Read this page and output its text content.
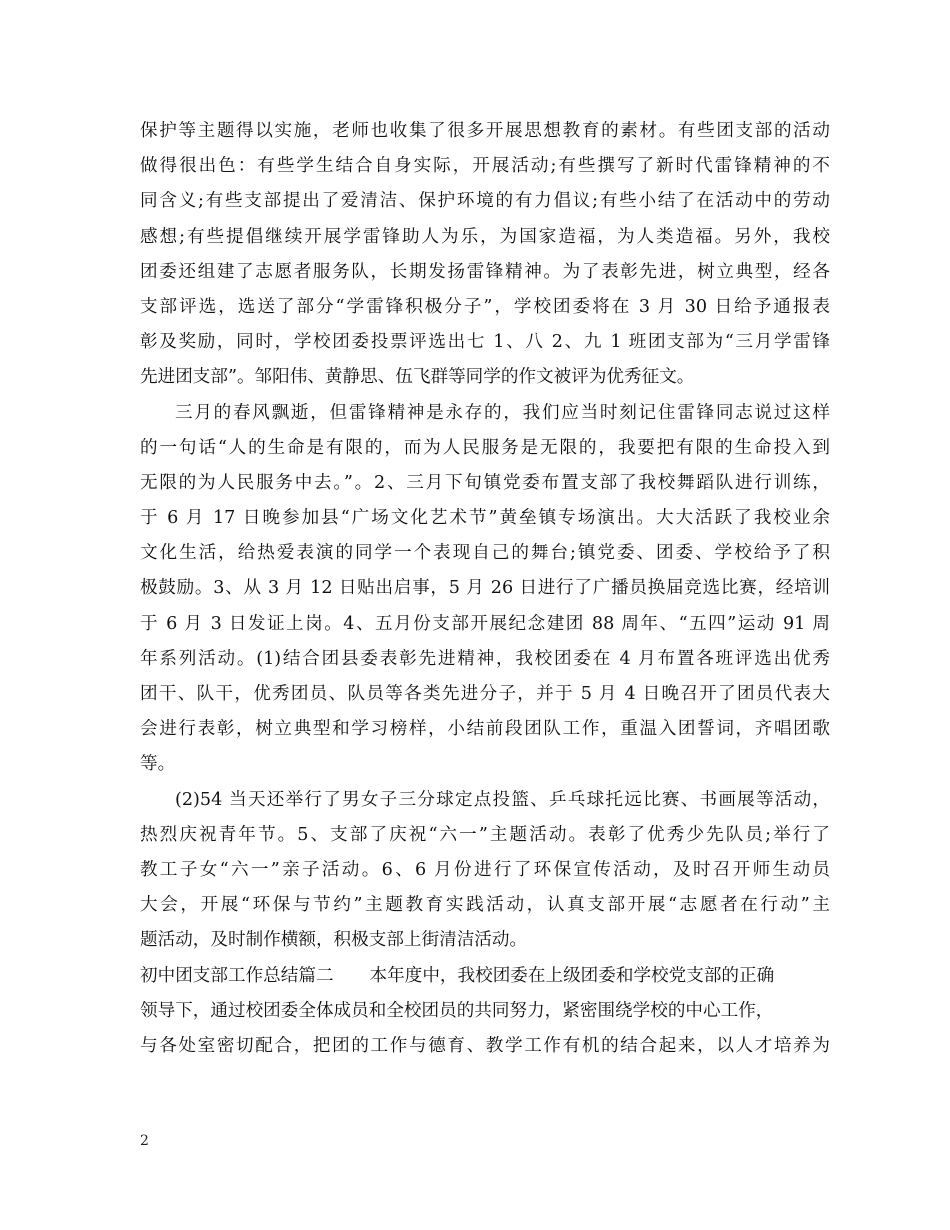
保护等主题得以实施，老师也收集了很多开展思想教育的素材。有些团支部的活动
做得很出色：有些学生结合自身实际，开展活动;有些撰写了新时代雷锋精神的不
同含义;有些支部提出了爱清洁、保护环境的有力倡议;有些小结了在活动中的劳动
感想;有些提倡继续开展学雷锋助人为乐，为国家造福，为人类造福。另外，我校
团委还组建了志愿者服务队，长期发扬雷锋精神。为了表彰先进，树立典型，经各
支部评选，选送了部分“学雷锋积极分子”，学校团委将在 3 月 30 日给予通报表
彰及奖励，同时，学校团委投票评选出七 1、八 2、九 1 班团支部为“三月学雷锋
先进团支部”。邹阳伟、黄静思、伍飞群等同学的作文被评为优秀征文。
三月的春风飘逝，但雷锋精神是永存的，我们应当时刻记住雷锋同志说过这样
的一句话“人的生命是有限的，而为人民服务是无限的，我要把有限的生命投入到
无限的为人民服务中去。”。2、三月下旬镇党委布置支部了我校舞蹈队进行训练，
于 6 月 17 日晚参加县“广场文化艺术节”黄垒镇专场演出。大大活跃了我校业余
文化生活，给热爱表演的同学一个表现自己的舞台;镇党委、团委、学校给予了积
极鼓励。3、从 3 月 12 日贴出启事，5 月 26 日进行了广播员换届竞选比赛，经培训
于 6 月 3 日发证上岗。4、五月份支部开展纪念建团 88 周年、“五四”运动 91 周
年系列活动。(1)结合团县委表彰先进精神，我校团委在 4 月布置各班评选出优秀
团干、队干，优秀团员、队员等各类先进分子，并于 5 月 4 日晚召开了团员代表大
会进行表彰，树立典型和学习榜样，小结前段团队工作，重温入团誓词，齐唱团歌
等。
(2)54 当天还举行了男女子三分球定点投篮、乒乓球托远比赛、书画展等活动，
热烈庆祝青年节。5、支部了庆祝“六一”主题活动。表彰了优秀少先队员;举行了
教工子女“六一”亲子活动。6、6 月份进行了环保宣传活动，及时召开师生动员
大会，开展“环保与节约”主题教育实践活动，认真支部开展“志愿者在行动”主
题活动，及时制作横额，积极支部上街清洁活动。
初中团支部工作总结篇二 本年度中，我校团委在上级团委和学校党支部的正确
领导下，通过校团委全体成员和全校团员的共同努力，紧密围绕学校的中心工作，
与各处室密切配合，把团的工作与德育、教学工作有机的结合起来，以人才培养为
2
